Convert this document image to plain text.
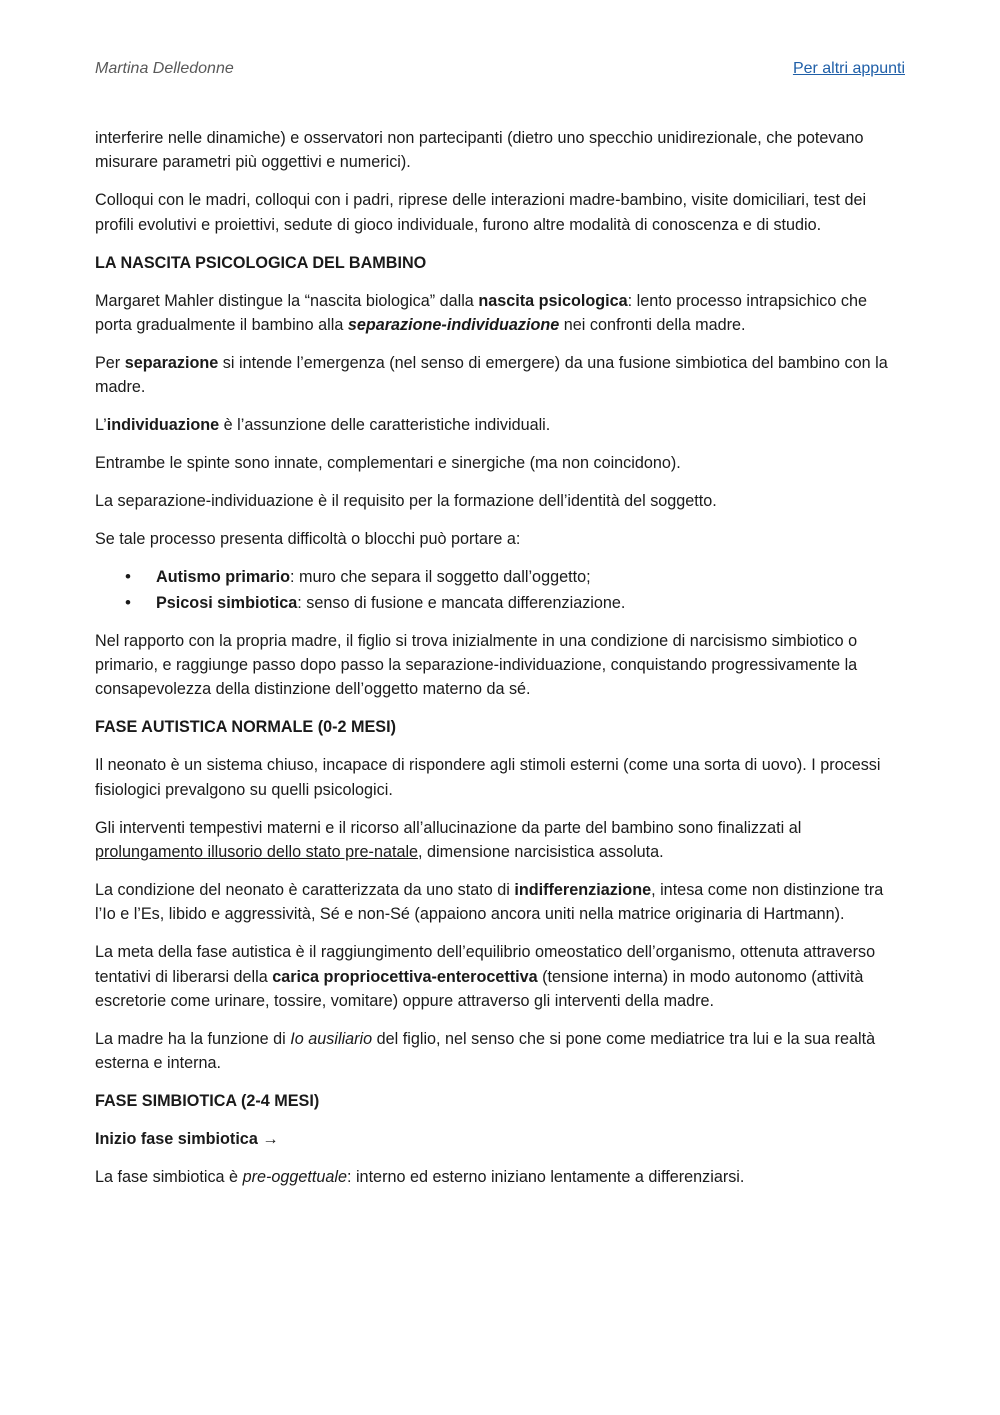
Martina Delledonne	Per altri appunti

interferire nelle dinamiche) e osservatori non partecipanti (dietro uno specchio unidirezionale, che potevano misurare parametri più oggettivi e numerici).

Colloqui con le madri, colloqui con i padri, riprese delle interazioni madre-bambino, visite domiciliari, test dei profili evolutivi e proiettivi, sedute di gioco individuale, furono altre modalità di conoscenza e di studio.

LA NASCITA PSICOLOGICA DEL BAMBINO

Margaret Mahler distingue la “nascita biologica” dalla nascita psicologica: lento processo intrapsichico che porta gradualmente il bambino alla separazione-individuazione nei confronti della madre.

Per separazione si intende l’emergenza (nel senso di emergere) da una fusione simbiotica del bambino con la madre.

L’individuazione è l’assunzione delle caratteristiche individuali.

Entrambe le spinte sono innate, complementari e sinergiche (ma non coincidono).

La separazione-individuazione è il requisito per la formazione dell’identità del soggetto.

Se tale processo presenta difficoltà o blocchi può portare a:

• Autismo primario: muro che separa il soggetto dall’oggetto;
• Psicosi simbiotica: senso di fusione e mancata differenziazione.

Nel rapporto con la propria madre, il figlio si trova inizialmente in una condizione di narcisismo simbiotico o primario, e raggiunge passo dopo passo la separazione-individuazione, conquistando progressivamente la consapevolezza della distinzione dell’oggetto materno da sé.

FASE AUTISTICA NORMALE (0-2 MESI)

Il neonato è un sistema chiuso, incapace di rispondere agli stimoli esterni (come una sorta di uovo). I processi fisiologici prevalgono su quelli psicologici.

Gli interventi tempestivi materni e il ricorso all’allucinazione da parte del bambino sono finalizzati al prolungamento illusorio dello stato pre-natale, dimensione narcisistica assoluta.

La condizione del neonato è caratterizzata da uno stato di indifferenziazione, intesa come non distinzione tra l’Io e l’Es, libido e aggressività, Sé e non-Sé (appaiono ancora uniti nella matrice originaria di Hartmann).

La meta della fase autistica è il raggiungimento dell’equilibrio omeostatico dell’organismo, ottenuta attraverso tentativi di liberarsi della carica propriocettiva-enterocettiva (tensione interna) in modo autonomo (attività escretorie come urinare, tossire, vomitare) oppure attraverso gli interventi della madre.

La madre ha la funzione di Io ausiliario del figlio, nel senso che si pone come mediatrice tra lui e la sua realtà esterna e interna.

FASE SIMBIOTICA (2-4 MESI)
Inizio fase simbiotica →

La fase simbiotica è pre-oggettuale: interno ed esterno iniziano lentamente a differenziarsi.
